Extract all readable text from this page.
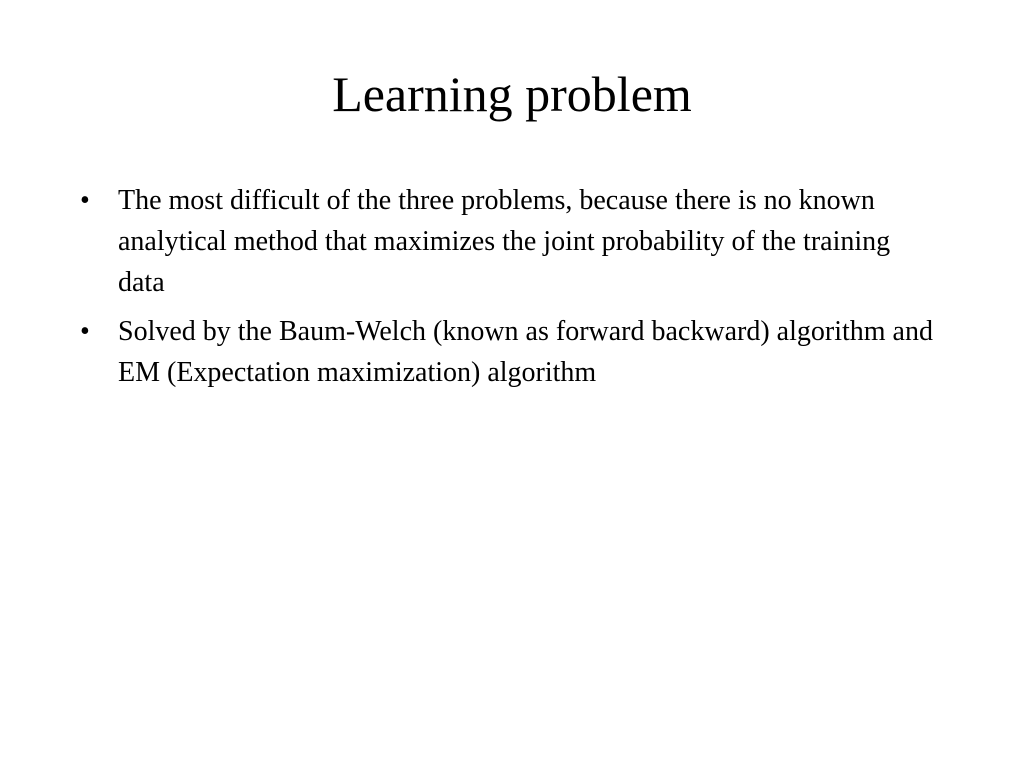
Learning problem
•	The most difficult of the three problems, because there is no known analytical method that maximizes the joint probability of the training data
•	Solved by the Baum-Welch (known as forward backward) algorithm and EM (Expectation maximization) algorithm
